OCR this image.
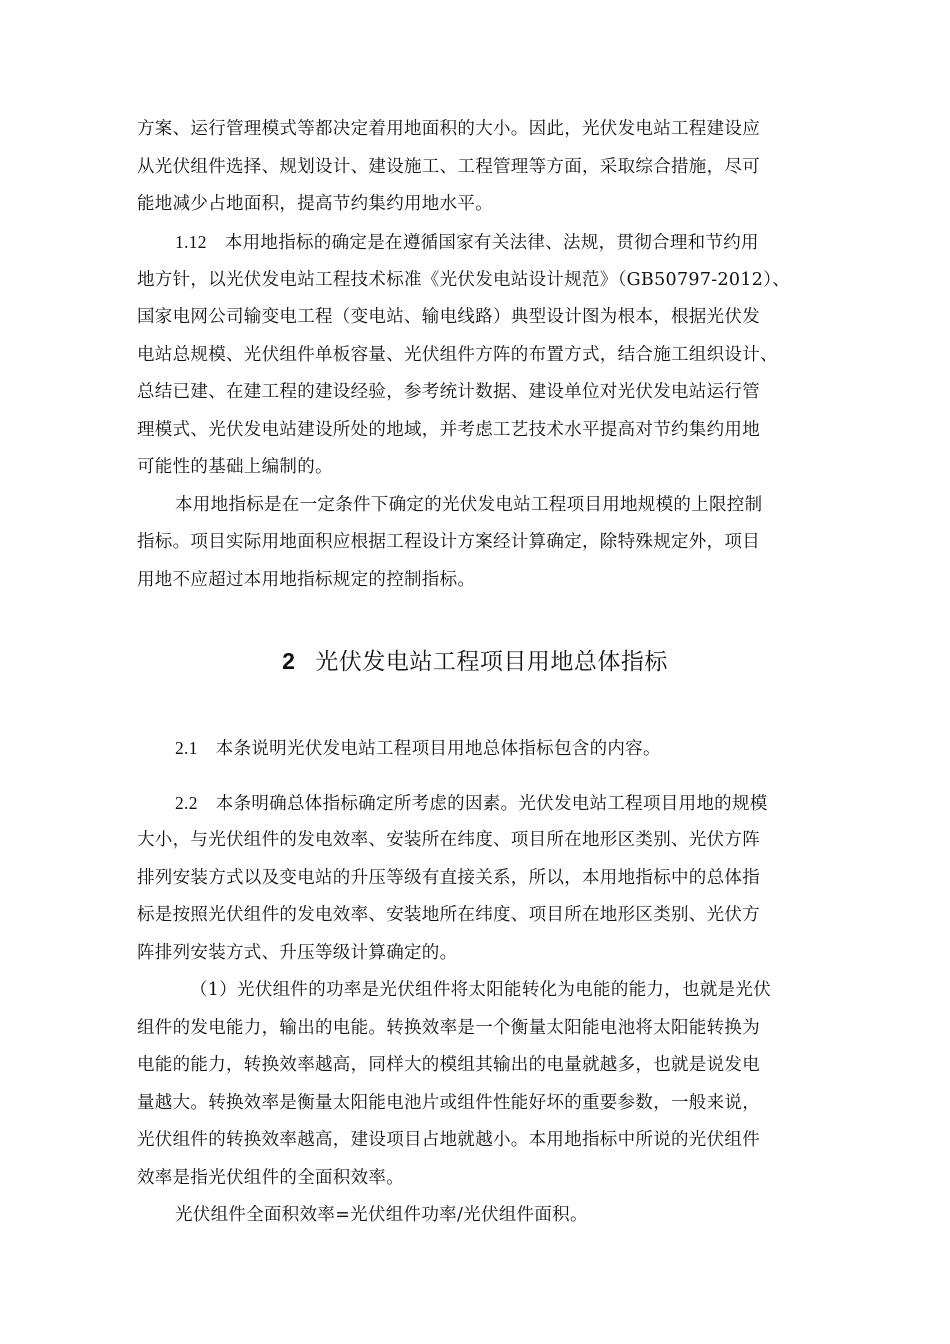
方案、运行管理模式等都决定着用地面积的大小。因此，光伏发电站工程建设应
从光伏组件选择、规划设计、建设施工、工程管理等方面，采取综合措施，尽可
能地减少占地面积，提高节约集约用地水平。
1.12 本用地指标的确定是在遵循国家有关法律、法规，贯彻合理和节约用
地方针，以光伏发电站工程技术标准《光伏发电站设计规范》（GB50797-2012）、
国家电网公司输变电工程（变电站、输电线路）典型设计图为根本，根据光伏发
电站总规模、光伏组件单板容量、光伏组件方阵的布置方式，结合施工组织设计、
总结已建、在建工程的建设经验，参考统计数据、建设单位对光伏发电站运行管
理模式、光伏发电站建设所处的地域，并考虑工艺技术水平提高对节约集约用地
可能性的基础上编制的。
本用地指标是在一定条件下确定的光伏发电站工程项目用地规模的上限控制
指标。项目实际用地面积应根据工程设计方案经计算确定，除特殊规定外，项目
用地不应超过本用地指标规定的控制指标。
2 光伏发电站工程项目用地总体指标
2.1 本条说明光伏发电站工程项目用地总体指标包含的内容。
2.2 本条明确总体指标确定所考虑的因素。光伏发电站工程项目用地的规模
大小，与光伏组件的发电效率、安装所在纬度、项目所在地形区类别、光伏方阵
排列安装方式以及变电站的升压等级有直接关系，所以，本用地指标中的总体指
标是按照光伏组件的发电效率、安装地所在纬度、项目所在地形区类别、光伏方
阵排列安装方式、升压等级计算确定的。
（1）光伏组件的功率是光伏组件将太阳能转化为电能的能力，也就是光伏
组件的发电能力，输出的电能。转换效率是一个衡量太阳能电池将太阳能转换为
电能的能力，转换效率越高，同样大的模组其输出的电量就越多，也就是说发电
量越大。转换效率是衡量太阳能电池片或组件性能好坏的重要参数，一般来说，
光伏组件的转换效率越高，建设项目占地就越小。本用地指标中所说的光伏组件
效率是指光伏组件的全面积效率。
光伏组件全面积效率=光伏组件功率/光伏组件面积。
